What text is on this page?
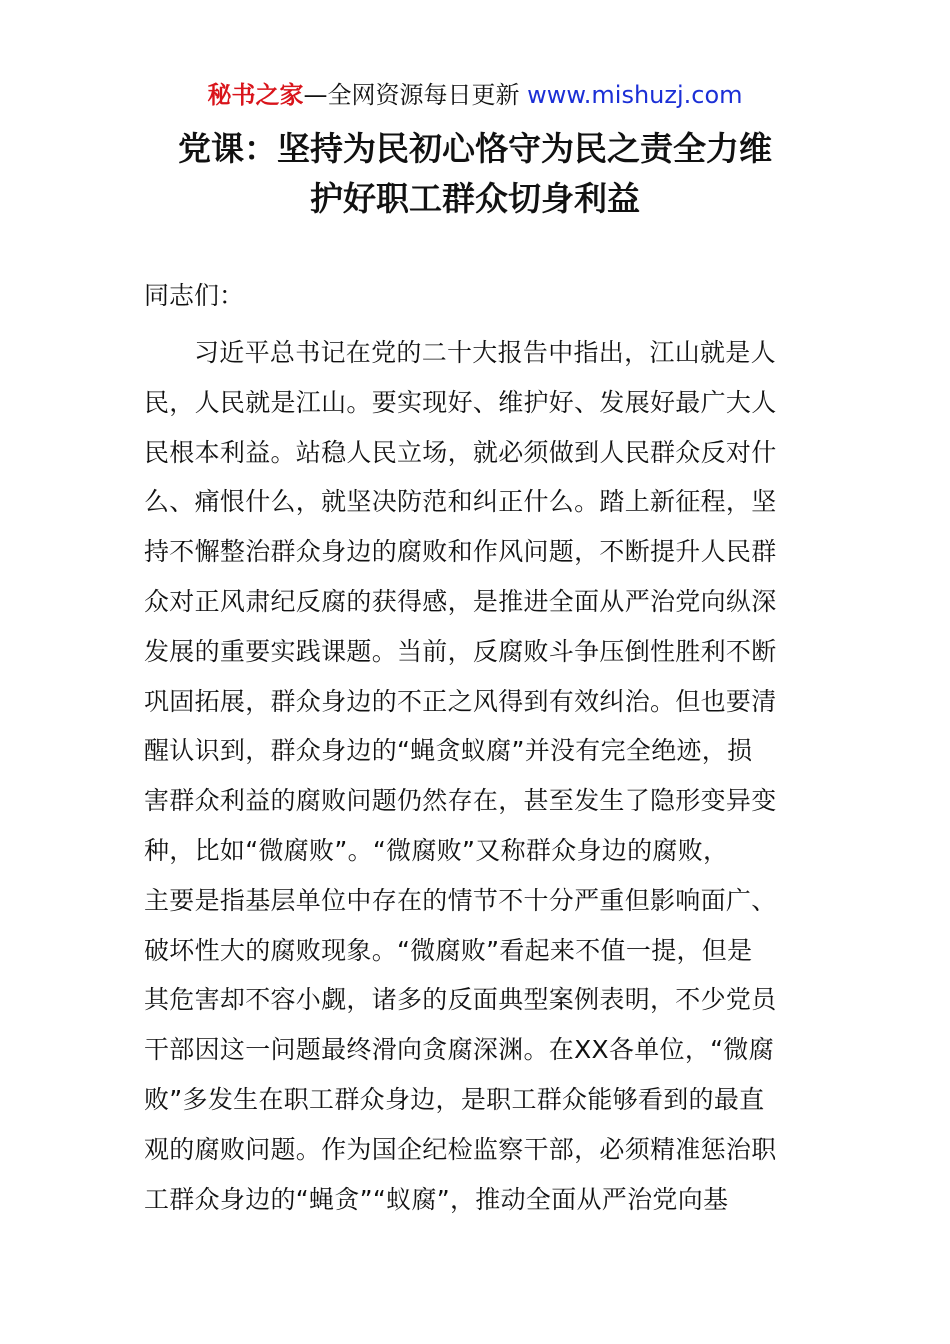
秘书之家—全网资源每日更新 www.mishuzj.com
党课：坚持为民初心恪守为民之责全力维
护好职工群众切身利益

同志们：

习近平总书记在党的二十大报告中指出，江山就是人
民，人民就是江山。要实现好、维护好、发展好最广大人
民根本利益。站稳人民立场，就必须做到人民群众反对什
么、痛恨什么，就坚决防范和纠正什么。踏上新征程，坚
持不懈整治群众身边的腐败和作风问题，不断提升人民群
众对正风肃纪反腐的获得感，是推进全面从严治党向纵深
发展的重要实践课题。当前，反腐败斗争压倒性胜利不断
巩固拓展，群众身边的不正之风得到有效纠治。但也要清
醒认识到，群众身边的“蝇贪蚁腐”并没有完全绝迹，损
害群众利益的腐败问题仍然存在，甚至发生了隐形变异变
种，比如“微腐败”。“微腐败”又称群众身边的腐败，
主要是指基层单位中存在的情节不十分严重但影响面广、
破坏性大的腐败现象。“微腐败”看起来不值一提，但是
其危害却不容小觑，诸多的反面典型案例表明，不少党员
干部因这一问题最终滑向贪腐深渊。在XX各单位，“微腐
败”多发生在职工群众身边，是职工群众能够看到的最直
观的腐败问题。作为国企纪检监察干部，必须精准惩治职
工群众身边的“蝇贪”“蚁腐”，推动全面从严治党向基
